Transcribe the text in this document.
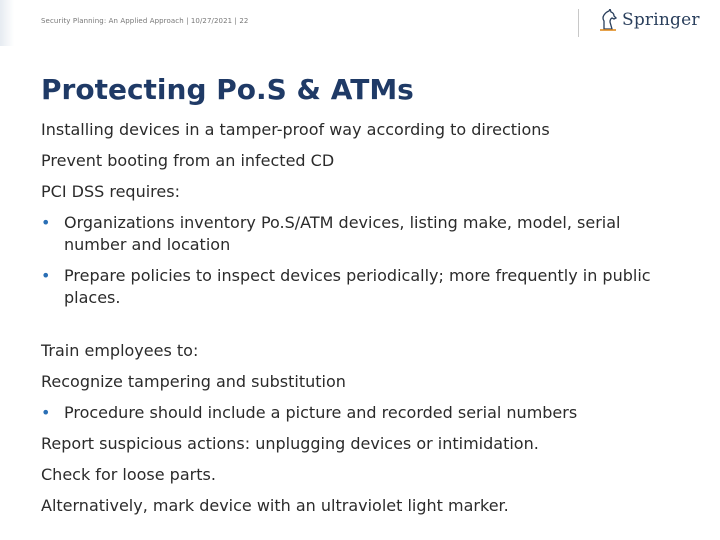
Security Planning: An Applied Approach | 10/27/2021 | 22	Springer
Protecting Po.S & ATMs

Installing devices in a tamper-proof way according to directions

Prevent booting from an infected CD

PCI DSS requires:

• Organizations inventory Po.S/ATM devices, listing make, model, serial number and location
• Prepare policies to inspect devices periodically; more frequently in public places.

Train employees to:

Recognize tampering and substitution

• Procedure should include a picture and recorded serial numbers

Report suspicious actions: unplugging devices or intimidation.

Check for loose parts.

Alternatively, mark device with an ultraviolet light marker.
